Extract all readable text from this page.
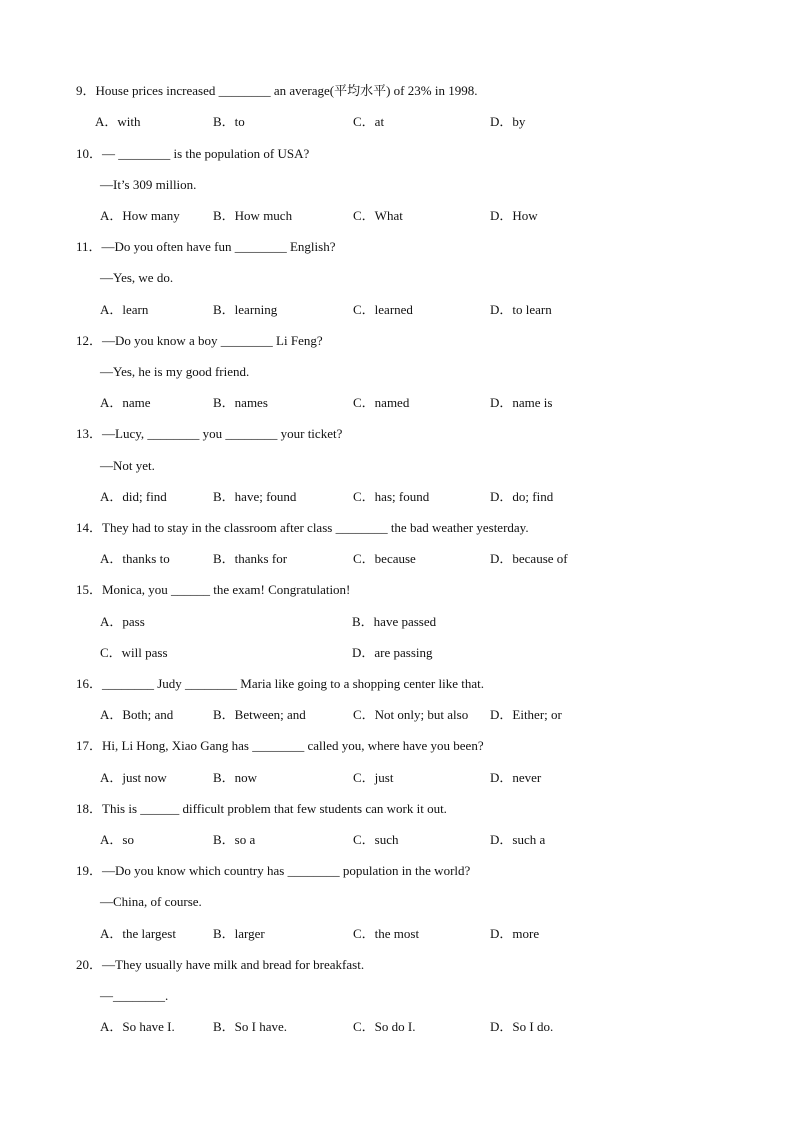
9．House prices increased ________ an average(平均水平) of 23% in 1998.
A．with	B．to	C．at	D．by
10．— ________ is the population of USA?
—It’s 309 million.
A．How many	B．How much	C．What	D．How
11．—Do you often have fun ________ English?
—Yes, we do.
A．learn	B．learning	C．learned	D．to learn
12．—Do you know a boy ________ Li Feng?
—Yes, he is my good friend.
A．name	B．names	C．named	D．name is
13．—Lucy, ________ you ________ your ticket?
—Not yet.
A．did; find	B．have; found	C．has; found	D．do; find
14．They had to stay in the classroom after class ________ the bad weather yesterday.
A．thanks to	B．thanks for	C．because	D．because of
15．Monica, you ______ the exam! Congratulation!
A．pass	B．have passed
C．will pass	D．are passing
16．________ Judy ________ Maria like going to a shopping center like that.
A．Both; and	B．Between; and	C．Not only; but also D．Either; or
17．Hi, Li Hong, Xiao Gang has ________ called you, where have you been?
A．just now	B．now	C．just	D．never
18．This is ______ difficult problem that few students can work it out.
A．so	B．so a	C．such	D．such a
19．—Do you know which country has ________ population in the world?
—China, of course.
A．the largest	B．larger	C．the most	D．more
20．—They usually have milk and bread for breakfast.
—________.
A．So have I.	B．So I have.	C．So do I.	D．So I do.
